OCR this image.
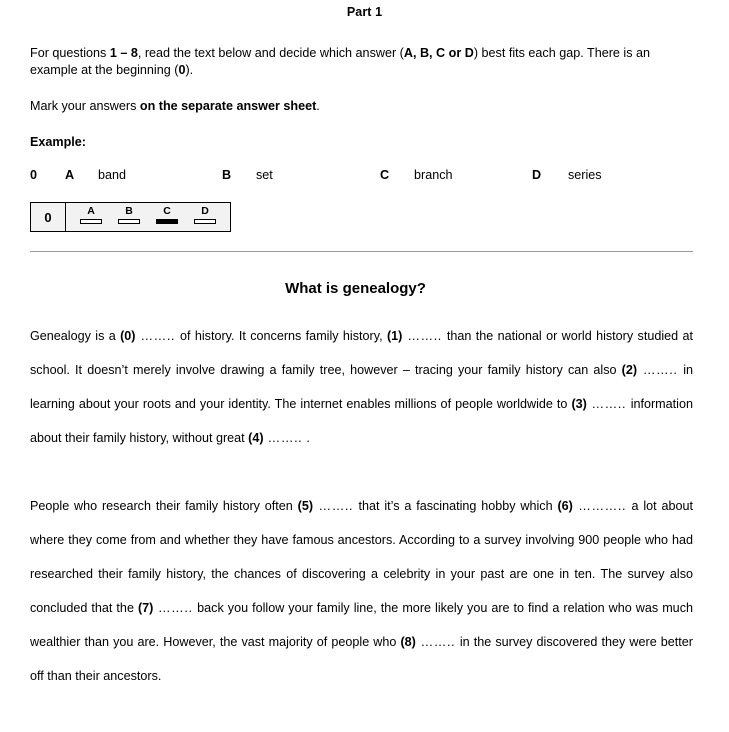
Part 1
For questions 1 – 8, read the text below and decide which answer (A, B, C or D) best fits each gap. There is an example at the beginning (0).
Mark your answers on the separate answer sheet.
Example:
0 A band	B set	C branch	D series
0	A	B	C	D
What is genealogy?
Genealogy is a (0) …….. of history. It concerns family history, (1) …….. than the national or world history studied at school. It doesn’t merely involve drawing a family tree, however – tracing your family history can also (2) …….. in learning about your roots and your identity. The internet enables millions of people worldwide to (3) …….. information about their family history, without great (4) …….. .
People who research their family history often (5) …….. that it’s a fascinating hobby which (6) ……….. a lot about where they come from and whether they have famous ancestors. According to a survey involving 900 people who had researched their family history, the chances of discovering a celebrity in your past are one in ten. The survey also concluded that the (7) …….. back you follow your family line, the more likely you are to find a relation who was much wealthier than you are. However, the vast majority of people who (8) …….. in the survey discovered they were better off than their ancestors.
